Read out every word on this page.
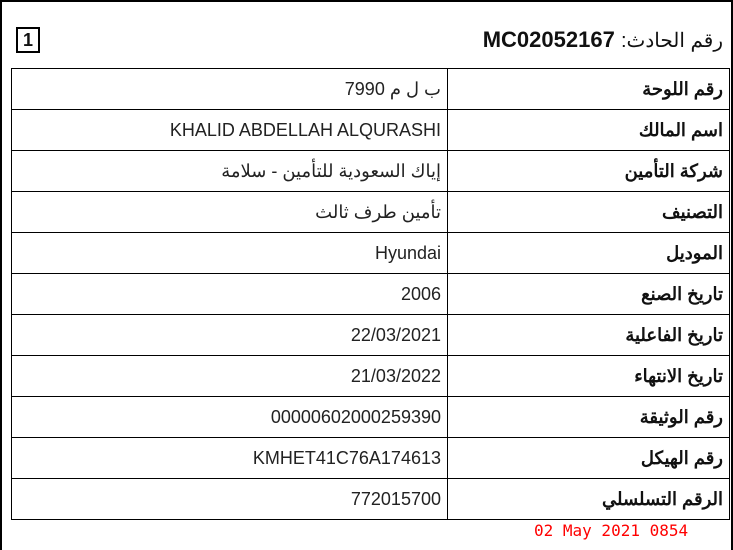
1	MC02052167 :رقم الحادث
ب ل م 7990	رقم اللوحة
KHALID ABDELLAH ALQURASHI	اسم المالك
إياك السعودية للتأمين - سلامة	شركة التأمين
تأمين طرف ثالث	التصنيف
Hyundai	الموديل
2006	تاريخ الصنع
22/03/2021	تاريخ الفاعلية
21/03/2022	تاريخ الانتهاء
00000602000259390	رقم الوثيقة
KMHET41C76A174613	رقم الهيكل
772015700	الرقم التسلسلي
02 May 2021 0854
